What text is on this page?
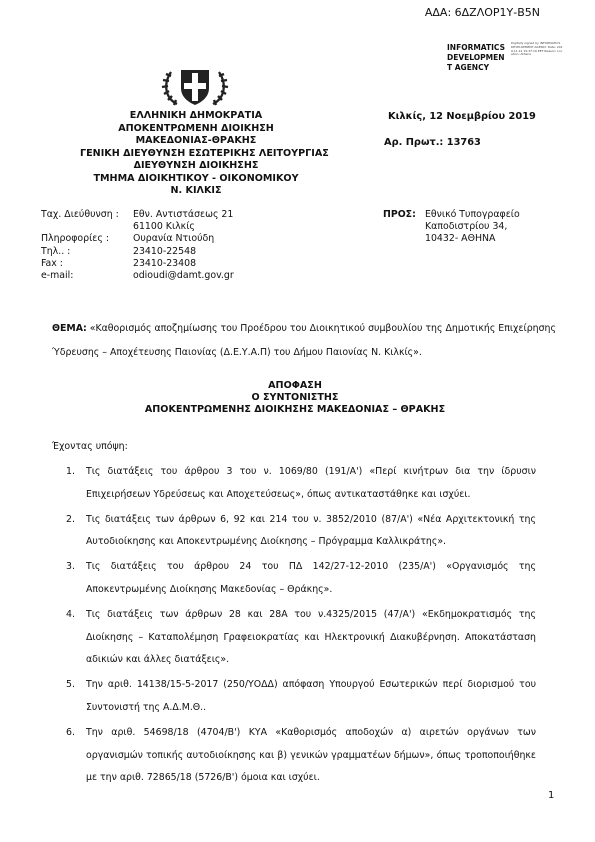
ΑΔΑ: 6ΔΖΛΟΡ1Υ-Β5Ν
INFORMATICS
DEVELOPMEN
T AGENCY
Digitally signed by INFORMATICS DEVELOPMENT AGENCY Date: 2019.11.12 15:37:16 EET Reason: Location: Athens
ΕΛΛΗΝΙΚΗ ΔΗΜΟΚΡΑΤΙΑ
ΑΠΟΚΕΝΤΡΩΜΕΝΗ ΔΙΟΙΚΗΣΗ
ΜΑΚΕΔΟΝΙΑΣ-ΘΡΑΚΗΣ
ΓΕΝΙΚΗ ΔΙΕΥΘΥΝΣΗ ΕΣΩΤΕΡΙΚΗΣ ΛΕΙΤΟΥΡΓΙΑΣ
ΔΙΕΥΘΥΝΣΗ ΔΙΟΙΚΗΣΗΣ
ΤΜΗΜΑ ΔΙΟΙΚΗΤΙΚΟΥ - ΟΙΚΟΝΟΜΙΚΟΥ
Ν. ΚΙΛΚΙΣ
Κιλκίς, 12 Νοεμβρίου 2019
Αρ. Πρωτ.: 13763
Ταχ. Διεύθυνση :	Εθν. Αντιστάσεως 21
61100 Κιλκίς
Πληροφορίες :	Ουρανία Ντιούδη
Τηλ.. :	23410-22548
Fax :	23410-23408
e-mail:	odioudi@damt.gov.gr
ΠΡΟΣ: Εθνικό Τυπογραφείο
Καποδιστρίου 34,
10432- ΑΘΗΝΑ
ΘΕΜΑ: «Καθορισμός αποζημίωσης του Προέδρου του Διοικητικού συμβουλίου της Δημοτικής Επιχείρησης Ύδρευσης – Αποχέτευσης Παιονίας (Δ.Ε.Υ.Α.Π) του Δήμου Παιονίας Ν. Κιλκίς».
ΑΠΟΦΑΣΗ
Ο ΣΥΝΤΟΝΙΣΤΗΣ
ΑΠΟΚΕΝΤΡΩΜΕΝΗΣ ΔΙΟΙΚΗΣΗΣ ΜΑΚΕΔΟΝΙΑΣ – ΘΡΑΚΗΣ
Έχοντας υπόψη:
1.	Τις διατάξεις του άρθρου 3 του ν. 1069/80 (191/Α') «Περί κινήτρων δια την ίδρυσιν Επιχειρήσεων Υδρεύσεως και Αποχετεύσεως», όπως αντικαταστάθηκε και ισχύει.
2.	Τις διατάξεις των άρθρων 6, 92 και 214 του ν. 3852/2010 (87/Α') «Νέα Αρχιτεκτονική της Αυτοδιοίκησης και Αποκεντρωμένης Διοίκησης – Πρόγραμμα Καλλικράτης».
3.	Τις διατάξεις του άρθρου 24 του ΠΔ 142/27-12-2010 (235/Α') «Οργανισμός της Αποκεντρωμένης Διοίκησης Μακεδονίας – Θράκης».
4.	Τις διατάξεις των άρθρων 28 και 28Α του ν.4325/2015 (47/Α') «Εκδημοκρατισμός της Διοίκησης – Καταπολέμηση Γραφειοκρατίας και Ηλεκτρονική Διακυβέρνηση. Αποκατάσταση αδικιών και άλλες διατάξεις».
5.	Την αριθ. 14138/15-5-2017 (250/ΥΟΔΔ) απόφαση Υπουργού Εσωτερικών περί διορισμού του Συντονιστή της Α.Δ.Μ.Θ..
6.	Την αριθ. 54698/18 (4704/Β') ΚΥΑ «Καθορισμός αποδοχών α) αιρετών οργάνων των οργανισμών τοπικής αυτοδιοίκησης και β) γενικών γραμματέων δήμων», όπως τροποποιήθηκε με την αριθ. 72865/18 (5726/Β') όμοια και ισχύει.
1
